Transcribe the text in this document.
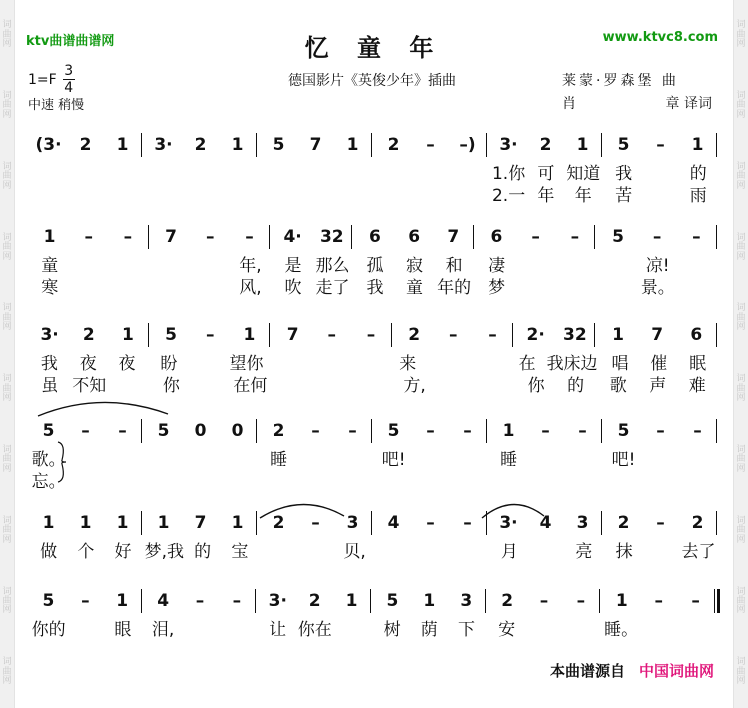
词
曲
网
词
曲
网
词
曲
网
词
曲
网
词
曲
网
词
曲
网
词
曲
网
词
曲
网
词
曲
网
词
曲
网
词
曲
网
词
曲
网
词
曲
网
词
曲
网
词
曲
网
词
曲
网
词
曲
网
词
曲
网
词
曲
网
词
曲
网
ktv曲谱曲谱网	www.ktvc8.com
忆 童 年
1=F
3
4
中速 稍慢
德国影片《英俊少年》插曲	莱蒙·罗森堡 曲
肖	章 译词
(3·	2	1	3·	2	1	5	7	1	2	–	–)	3·	2	1	5	–	1
1.你 可 知道 我	的
2.一 年	年	苦	雨
1	–	–	7	–	–	4·	32	6	6	7	6	–	–	5	–	–
童	年,	是 那么	孤	寂	和	凄	凉!
寒	风,	吹 走了	我	童 年的	梦	景。
3·	2	1	5	–	1	7	–	–	2	–	–	2·	32	1	7	6
我	夜	夜	盼	望你	来	在 我床边 唱	催	眠
虽 不知	你	在何	方,	你	的	歌	声	难
5	–	–	5	0	0	2	–	–	5	–	–	1	–	–	5	–	–
歌。	睡	吧!	睡	吧!
忘。
1	1	1	1	7	1	2	–	3	4	–	–	3·	4	3	2	–	2
做	个	好 梦,我 的	宝	贝,	月	亮	抹	去了
5	–	1	4	–	–	3·	2	1	5	1	3	2	–	–	1	–	–
你的	眼	泪,	让 你在	树	荫	下	安	睡。
本曲谱源自 中国词曲网
